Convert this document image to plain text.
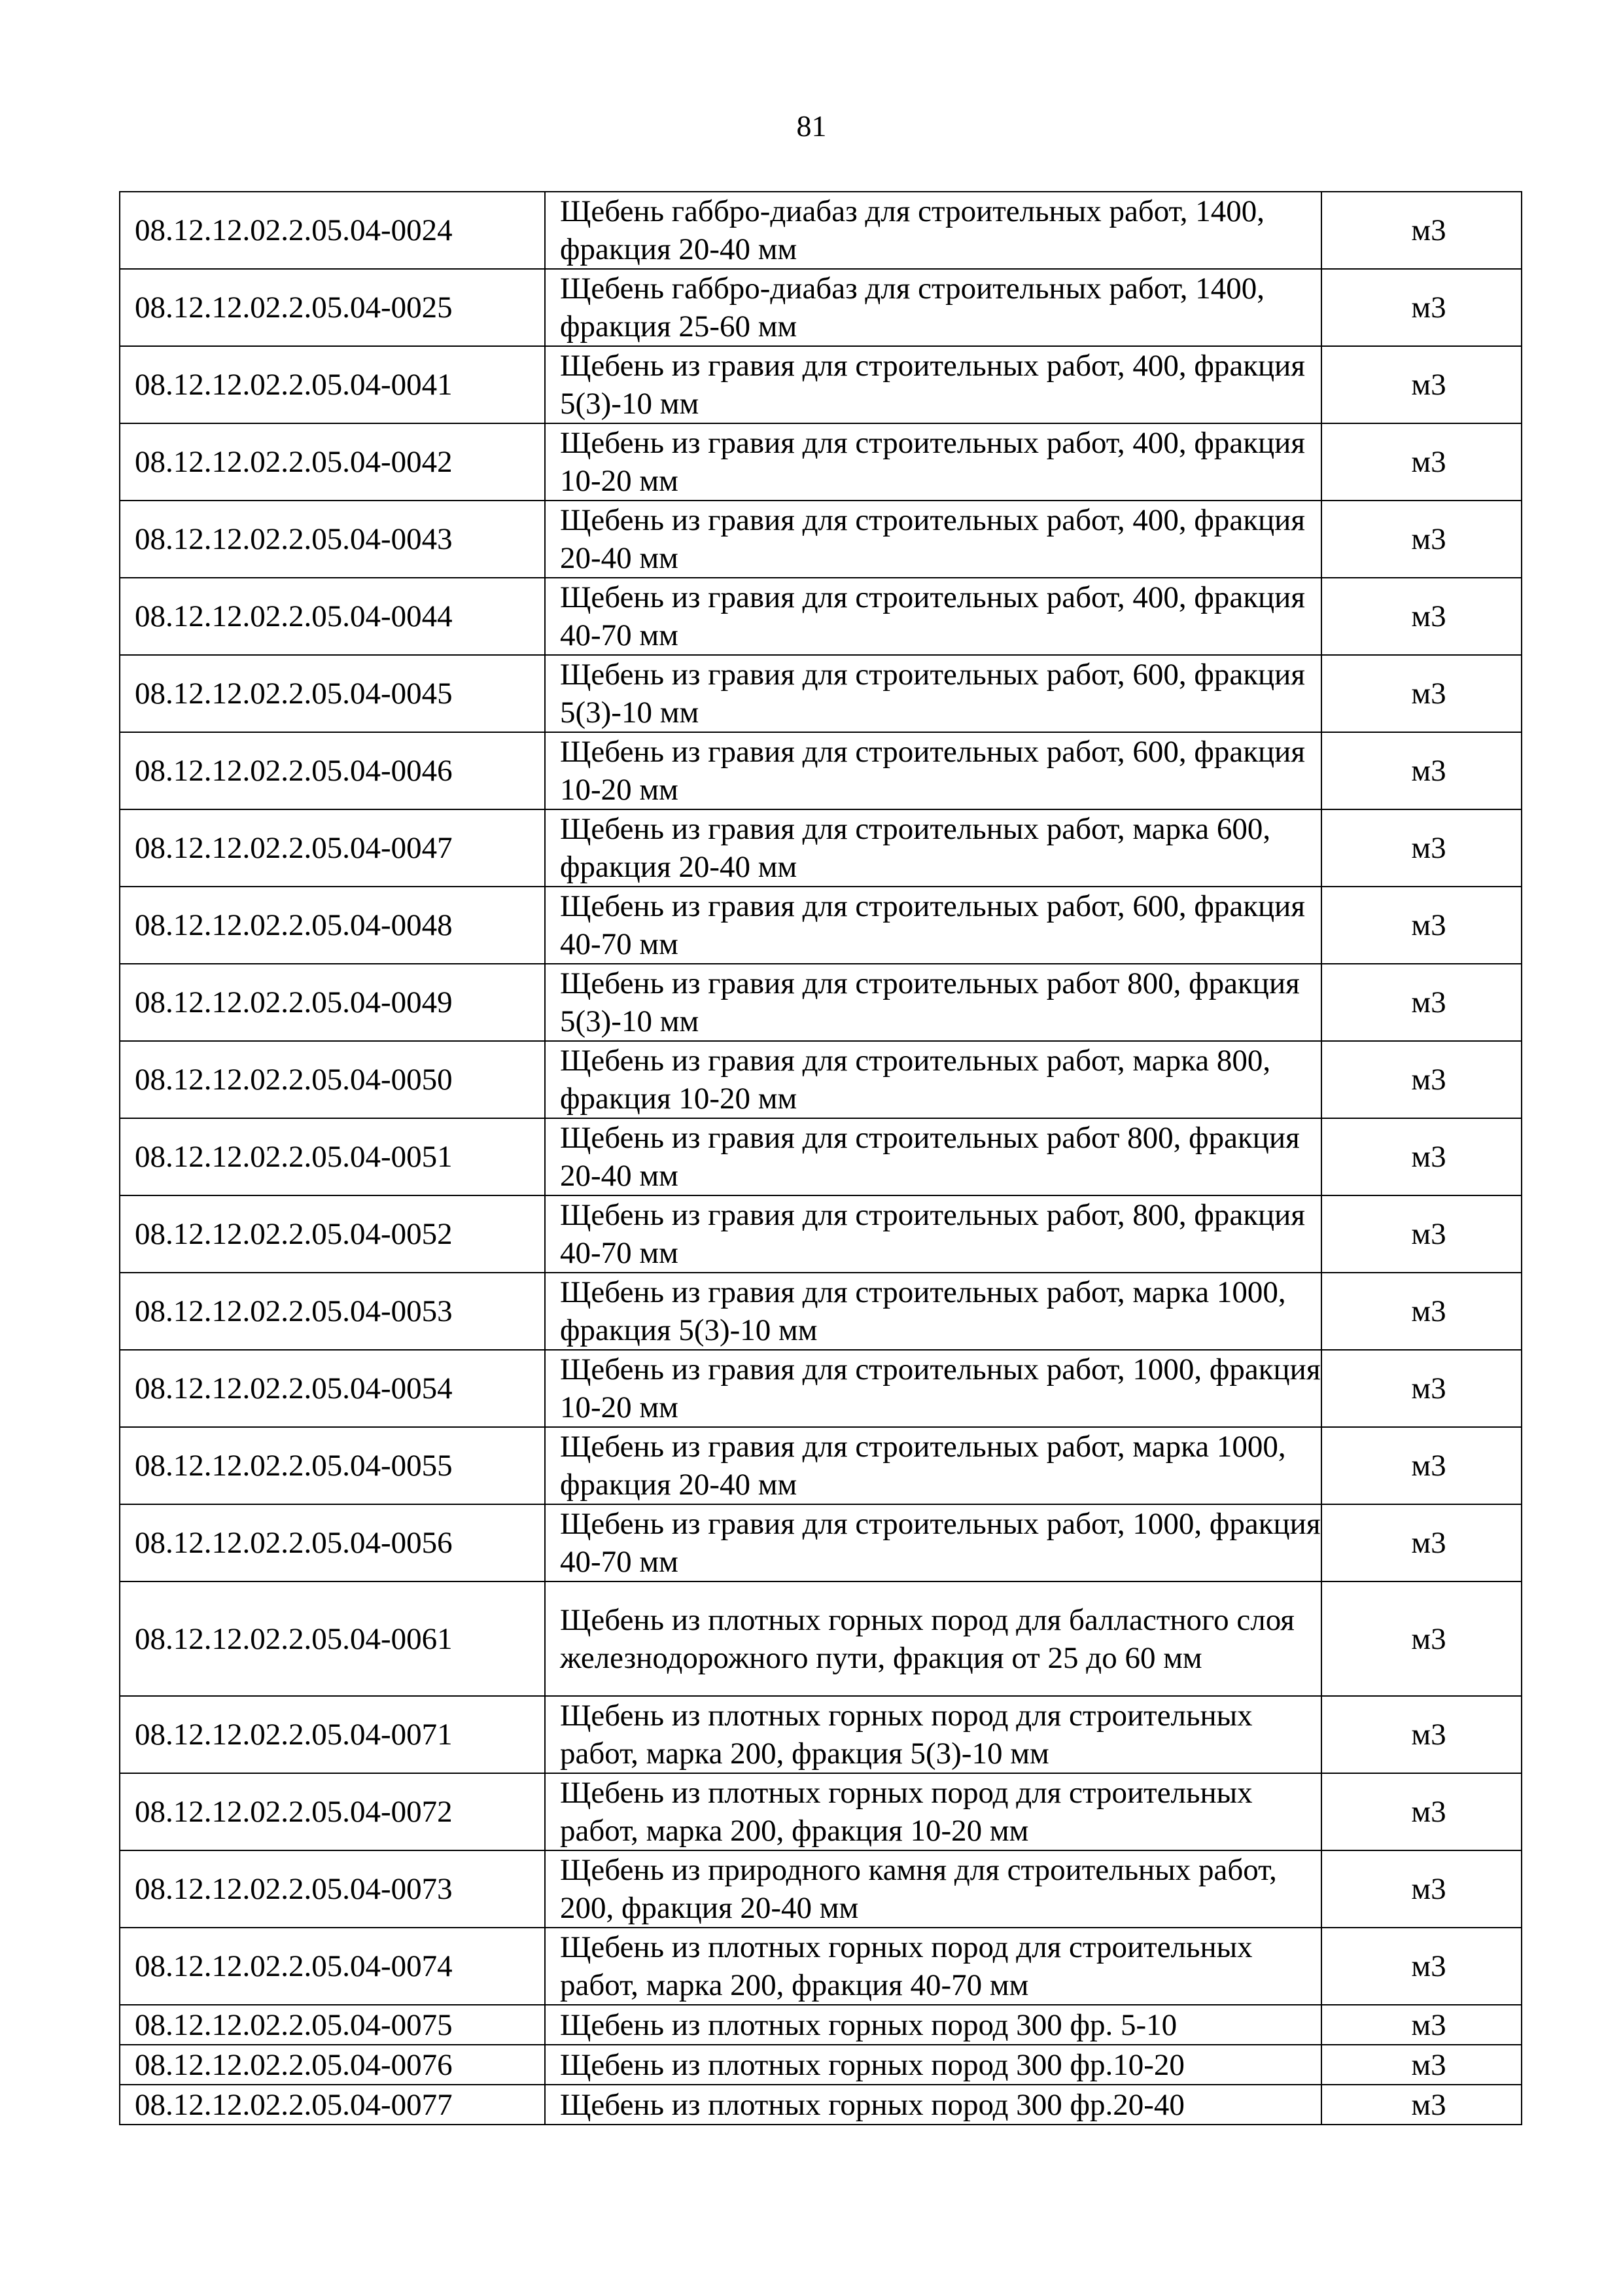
81
08.12.12.02.2.05.04-0024	Щебень габбро-диабаз для строительных работ, 1400, фракция 20-40 мм	м3
08.12.12.02.2.05.04-0025	Щебень габбро-диабаз для строительных работ, 1400, фракция 25-60 мм	м3
08.12.12.02.2.05.04-0041	Щебень из гравия для строительных работ, 400, фракция 5(3)-10 мм	м3
08.12.12.02.2.05.04-0042	Щебень из гравия для строительных работ, 400, фракция 10-20 мм	м3
08.12.12.02.2.05.04-0043	Щебень из гравия для строительных работ, 400, фракция 20-40 мм	м3
08.12.12.02.2.05.04-0044	Щебень из гравия для строительных работ, 400, фракция 40-70 мм	м3
08.12.12.02.2.05.04-0045	Щебень из гравия для строительных работ, 600, фракция 5(3)-10 мм	м3
08.12.12.02.2.05.04-0046	Щебень из гравия для строительных работ, 600, фракция 10-20 мм	м3
08.12.12.02.2.05.04-0047	Щебень из гравия для строительных работ, марка 600, фракция 20-40 мм	м3
08.12.12.02.2.05.04-0048	Щебень из гравия для строительных работ, 600, фракция 40-70 мм	м3
08.12.12.02.2.05.04-0049	Щебень из гравия для строительных работ 800, фракция 5(3)-10 мм	м3
08.12.12.02.2.05.04-0050	Щебень из гравия для строительных работ, марка 800, фракция 10-20 мм	м3
08.12.12.02.2.05.04-0051	Щебень из гравия для строительных работ 800, фракция 20-40 мм	м3
08.12.12.02.2.05.04-0052	Щебень из гравия для строительных работ, 800, фракция 40-70 мм	м3
08.12.12.02.2.05.04-0053	Щебень из гравия для строительных работ, марка 1000, фракция 5(3)-10 мм	м3
08.12.12.02.2.05.04-0054	Щебень из гравия для строительных работ, 1000, фракция 10-20 мм	м3
08.12.12.02.2.05.04-0055	Щебень из гравия для строительных работ, марка 1000, фракция 20-40 мм	м3
08.12.12.02.2.05.04-0056	Щебень из гравия для строительных работ, 1000, фракция 40-70 мм	м3
08.12.12.02.2.05.04-0061	Щебень из плотных горных пород для балластного слоя железнодорожного пути, фракция от 25 до 60 мм	м3
08.12.12.02.2.05.04-0071	Щебень из плотных горных пород для строительных работ, марка 200, фракция 5(3)-10 мм	м3
08.12.12.02.2.05.04-0072	Щебень из плотных горных пород для строительных работ, марка 200, фракция 10-20 мм	м3
08.12.12.02.2.05.04-0073	Щебень из природного камня для строительных работ, 200, фракция 20-40 мм	м3
08.12.12.02.2.05.04-0074	Щебень из плотных горных пород для строительных работ, марка 200, фракция 40-70 мм	м3
08.12.12.02.2.05.04-0075	Щебень из плотных горных пород 300 фр. 5-10	м3
08.12.12.02.2.05.04-0076	Щебень из плотных горных пород 300 фр.10-20	м3
08.12.12.02.2.05.04-0077	Щебень из плотных горных пород 300 фр.20-40	м3
